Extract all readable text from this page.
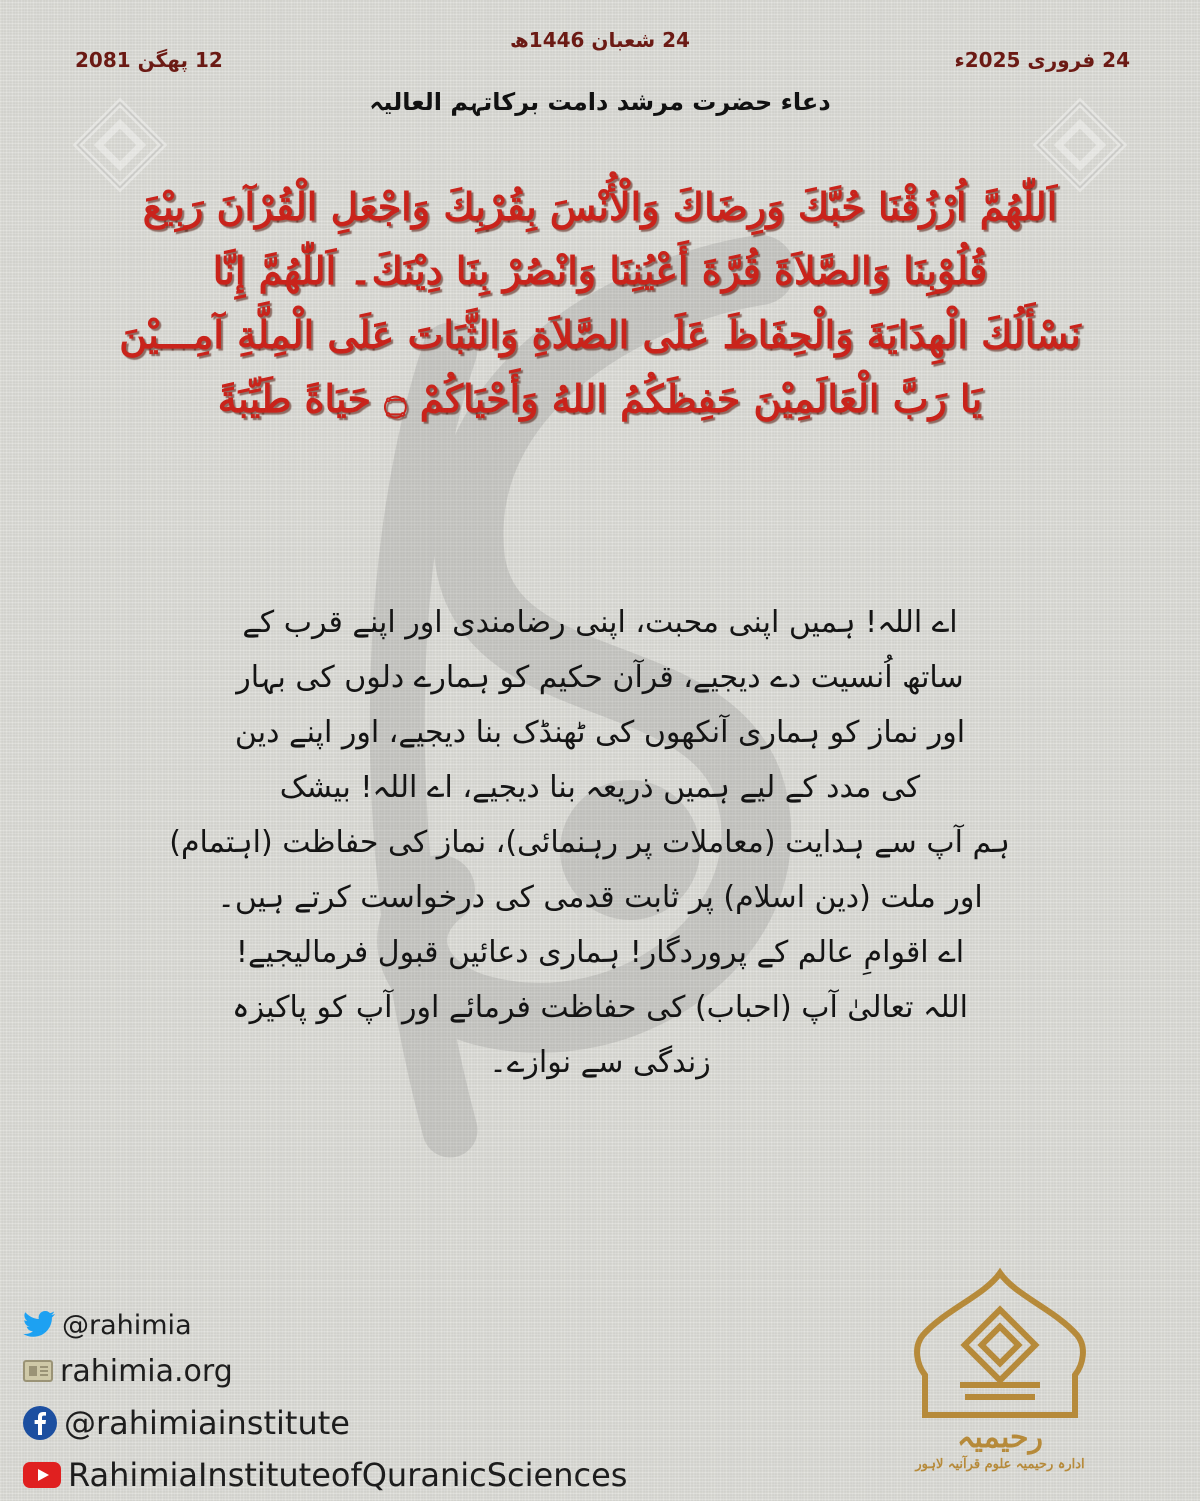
24 شعبان 1446ھ
24 فروری 2025ء
12 پھگن 2081
دعاء حضرت مرشد دامت برکاتہم العالیہ
اَللّٰهُمَّ اُرْزُقْنَا حُبَّكَ وَرِضَاكَ وَالْأُنْسَ بِقُرْبِكَ وَاجْعَلِ الْقُرْآنَ رَبِيْعَ
قُلُوْبِنَا وَالصَّلاَةَ قُرَّةَ أَعْيُنِنَا وَانْصُرْ بِنَا دِيْنَكَ۔ اَللّٰهُمَّ إِنَّا
نَسْأَلُكَ الْهِدَايَةَ وَالْحِفَاظَ عَلَى الصَّلاَةِ وَالثَّبَاتَ عَلَى الْمِلَّةِ آمِـــيْنَ
يَا رَبَّ الْعَالَمِيْنَ حَفِظَكُمُ اللهُ وَأَحْيَاكُمْ ۝ حَيَاةً طَيِّبَةً
اے اللہ! ہمیں اپنی محبت، اپنی رضامندی اور اپنے قرب کے
ساتھ اُنسیت دے دیجیے، قرآن حکیم کو ہمارے دلوں کی بہار
اور نماز کو ہماری آنکھوں کی ٹھنڈک بنا دیجیے، اور اپنے دین
کی مدد کے لیے ہمیں ذریعہ بنا دیجیے، اے اللہ! بیشک
ہم آپ سے ہدایت (معاملات پر رہنمائی)، نماز کی حفاظت (اہتمام)
اور ملت (دین اسلام) پر ثابت قدمی کی درخواست کرتے ہیں۔
اے اقوامِ عالم کے پروردگار! ہماری دعائیں قبول فرمالیجیے!
اللہ تعالیٰ آپ (احباب) کی حفاظت فرمائے اور آپ کو پاکیزہ
زندگی سے نوازے۔
@rahimia
rahimia.org
@rahimiainstitute
RahimiaInstituteofQuranicSciences
رحیمیہ
ادارہ رحیمیہ علوم قرآنیہ لاہور
